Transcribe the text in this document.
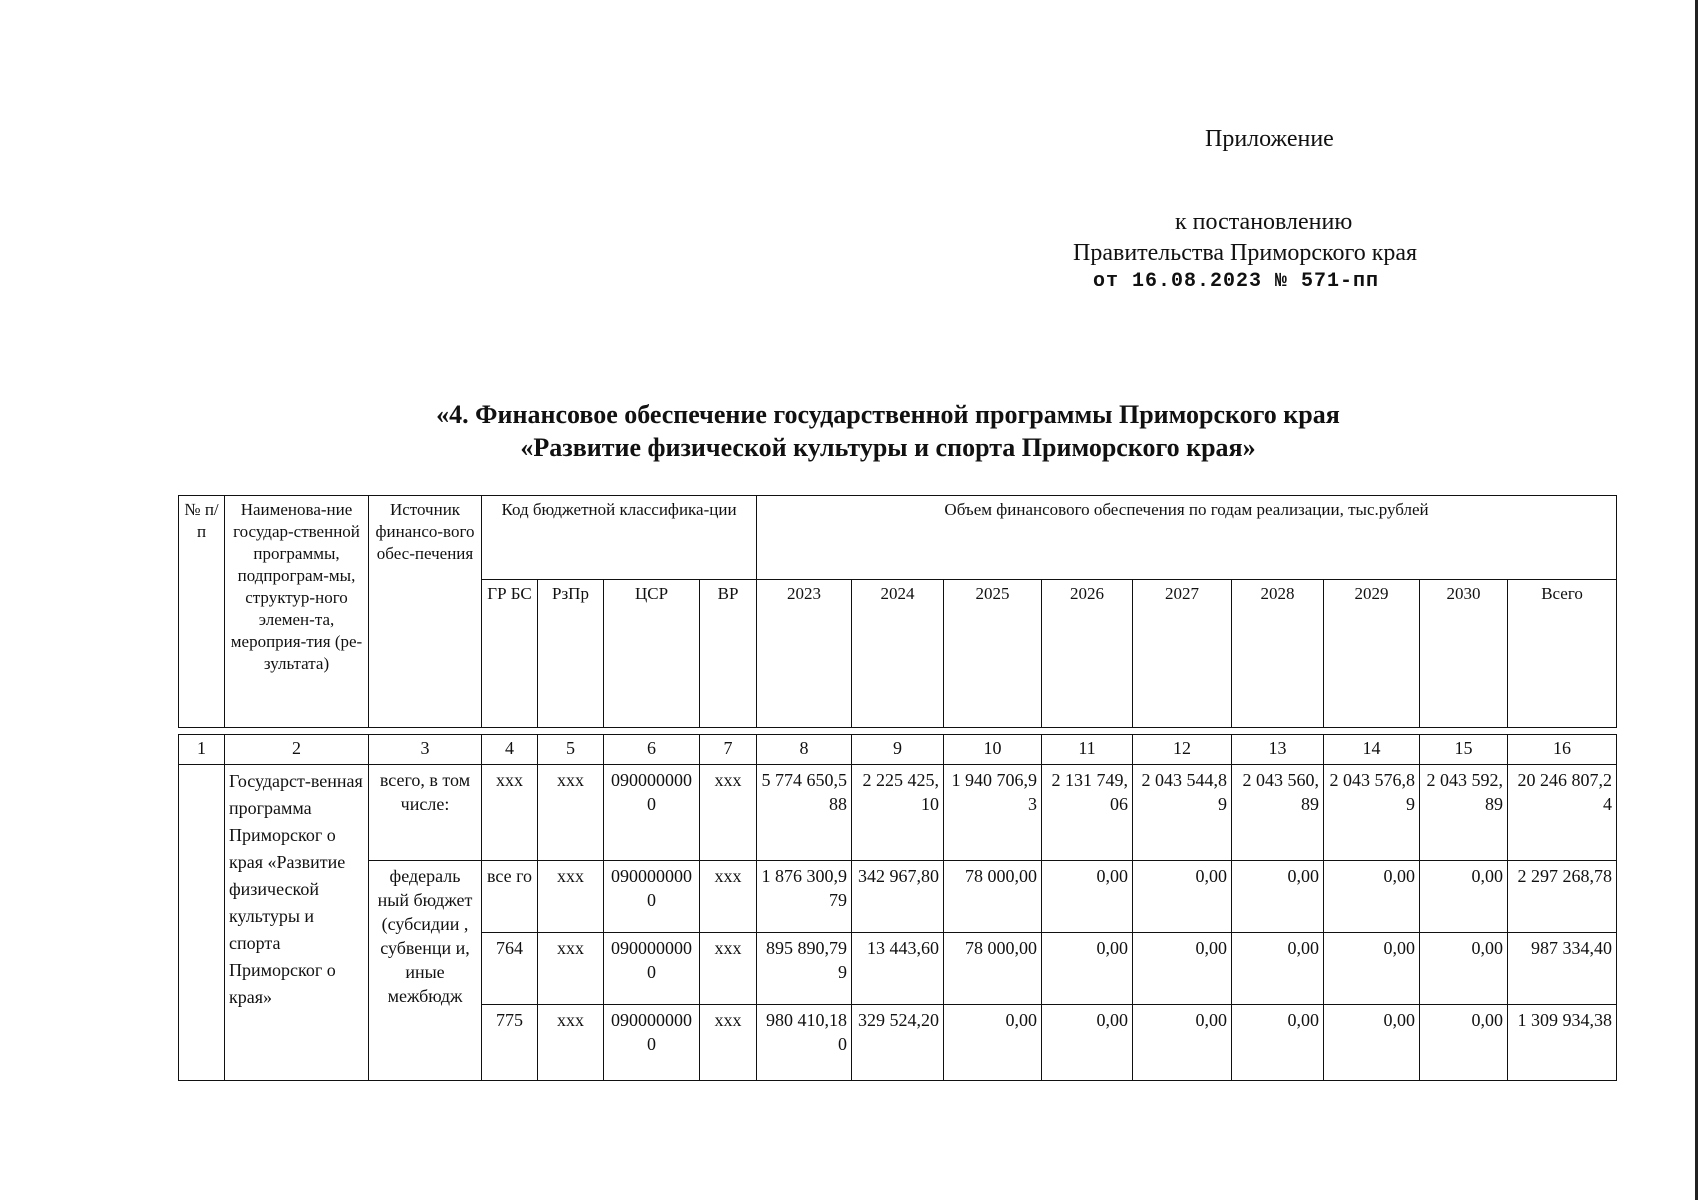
Приложение
к постановлению
Правительства Приморского края
от 16.08.2023 № 571-пп
«4. Финансовое обеспечение государственной программы Приморского края
«Развитие физической культуры и спорта Приморского края»
№ п/п	Наименова-ние государ-ственной программы, подпрограм-мы, структур-ного элемен-та, мероприя-тия (ре-зультата)	Источник финансо-вого обес-печения	Код бюджетной классифика-ции				Объем финансового обеспечения по годам реализации, тыс.рублей								
			ГР БС	РзПр	ЦСР	ВР	2023	2024	2025	2026	2027	2028	2029	2030	Всего
1	2	3	4	5	6	7	8	9	10	11	12	13	14	15	16
	Государст-венная программа Приморског о края «Развитие физической культуры и спорта Приморског о края»	всего, в том числе:	ххх	ххх	0900000000	ххх	5 774 650,588	2 225 425,10	1 940 706,93	2 131 749,06	2 043 544,89	2 043 560,89	2 043 576,89	2 043 592,89	20 246 807,24
		федераль ный бюджет (субсидии , субвенци и, иные межбюдж	все го	ххх	0900000000	ххх	1 876 300,979	342 967,80	78 000,00	0,00	0,00	0,00	0,00	0,00	2 297 268,78
			764	ххх	0900000000	ххх	895 890,799	13 443,60	78 000,00	0,00	0,00	0,00	0,00	0,00	987 334,40
			775	ххх	0900000000	ххх	980 410,180	329 524,20	0,00	0,00	0,00	0,00	0,00	0,00	1 309 934,38
